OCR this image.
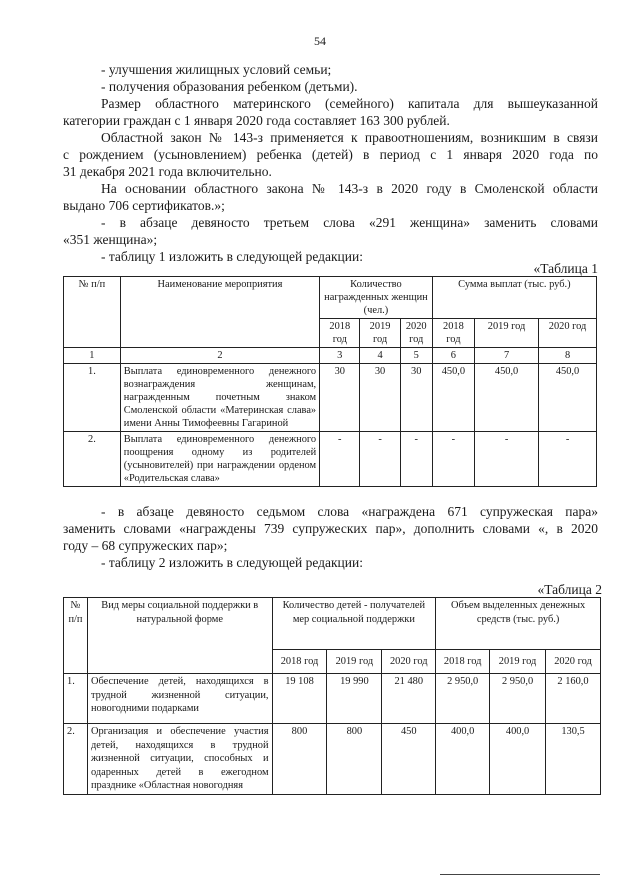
54
- улучшения жилищных условий семьи;
- получения образования ребенком (детьми).
Размер областного материнского (семейного) капитала для вышеуказанной
категории граждан с 1 января 2020 года составляет 163 300 рублей.
Областной закон № 143-з применяется к правоотношениям, возникшим в связи
с рождением (усыновлением) ребенка (детей) в период с 1 января 2020 года по
31 декабря 2021 года включительно.
На основании областного закона № 143-з в 2020 году в Смоленской области
выдано 706 сертификатов.»;
- в абзаце девяносто третьем слова «291 женщина» заменить словами
«351 женщина»;
- таблицу 1 изложить в следующей редакции:
«Таблица 1
№ п/п	Наименование мероприятия	Количество награжденных женщин (чел.)			Сумма выплат (тыс. руб.)		
		2018 год	2019 год	2020 год	2018 год	2019 год	2020 год
1	2	3	4	5	6	7	8
1.	Выплата единовременного денежного вознаграждения женщинам, награжденным почетным знаком Смоленской области «Материнская слава» имени Анны Тимофеевны Гагариной	30	30	30	450,0	450,0	450,0
2.	Выплата единовременного денежного поощрения одному из родителей (усыновителей) при награждении орденом «Родительская слава»	-	-	-	-	-	-
- в абзаце девяносто седьмом слова «награждена 671 супружеская пара»
заменить словами «награждены 739 супружеских пар», дополнить словами «, в 2020
году – 68 супружеских пар»;
- таблицу 2 изложить в следующей редакции:
«Таблица 2
№ п/п	Вид меры социальной поддержки в натуральной форме	Количество детей - получателей мер социальной поддержки			Объем выделенных денежных средств (тыс. руб.)		
		2018 год	2019 год	2020 год	2018 год	2019 год	2020 год
1.	Обеспечение детей, находящихся в трудной жизненной ситуации, новогодними подарками	19 108	19 990	21 480	2 950,0	2 950,0	2 160,0
2.	Организация и обеспечение участия детей, находящихся в трудной жизненной ситуации, способных и одаренных детей в ежегодном празднике «Областная новогодняя	800	800	450	400,0	400,0	130,5
